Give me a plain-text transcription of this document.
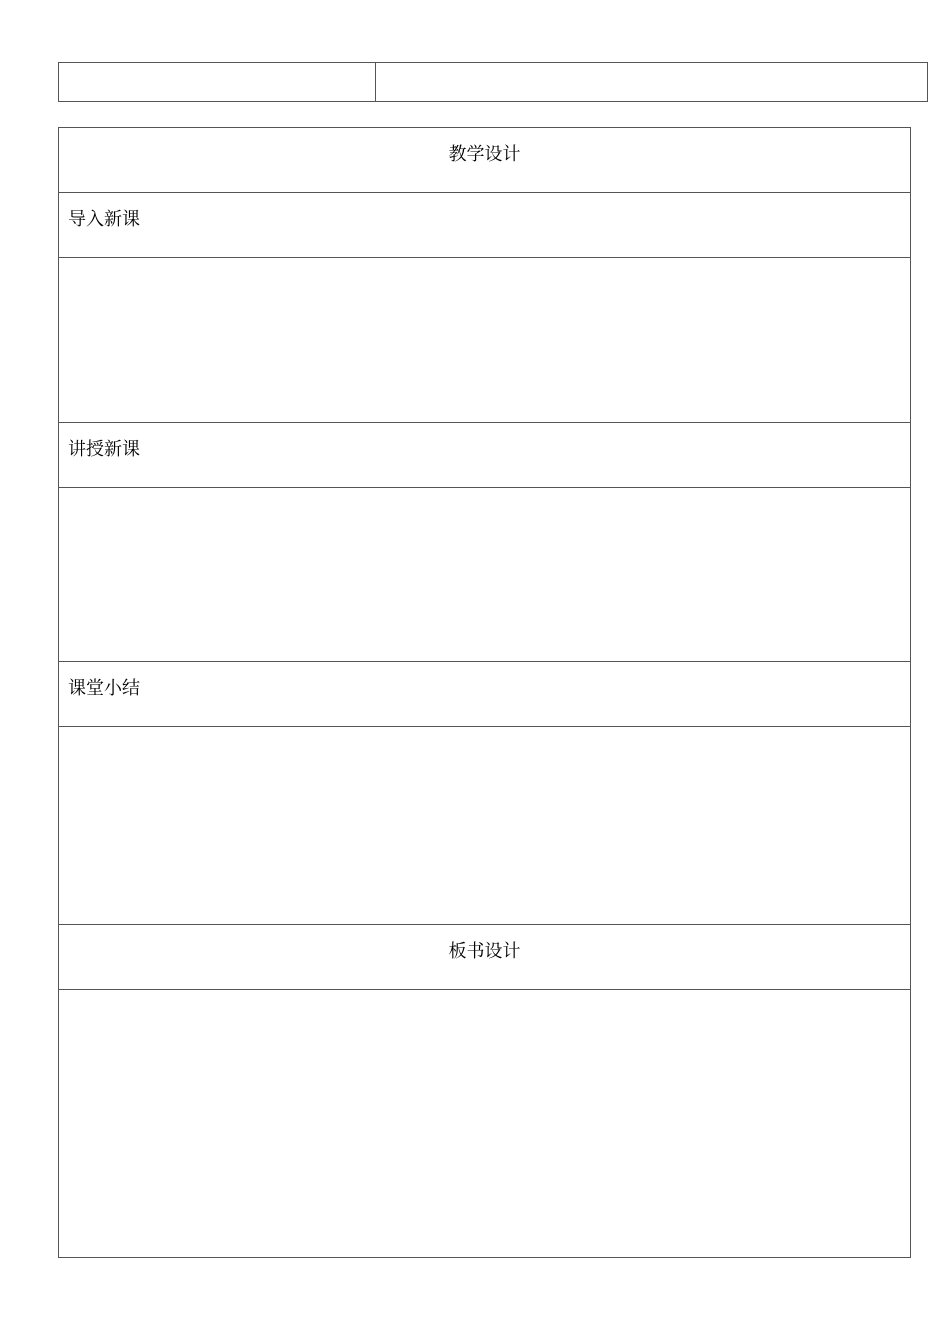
教学设计
导入新课
讲授新课
课堂小结
板书设计
